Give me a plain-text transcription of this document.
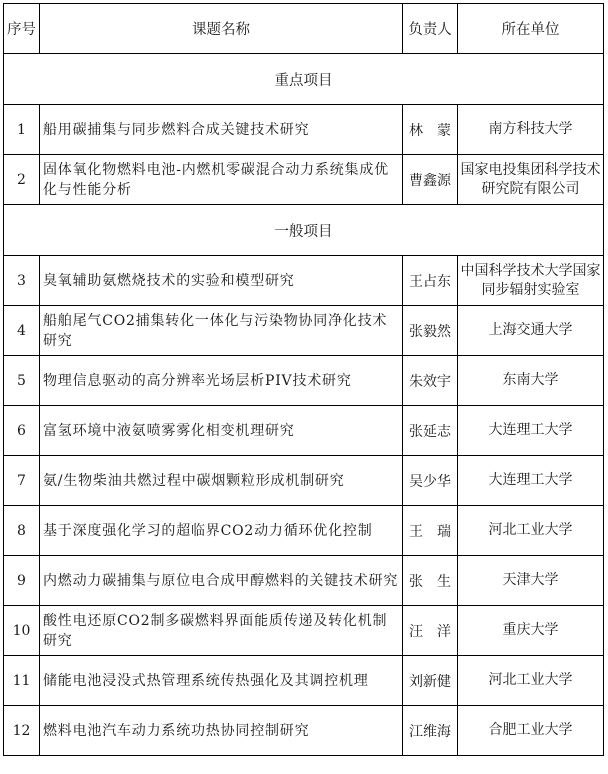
序号	课题名称	负责人	所在单位
重点项目			
1	船用碳捕集与同步燃料合成关键技术研究	林　蒙	南方科技大学
2	固体氧化物燃料电池-内燃机零碳混合动力系统集成优化与性能分析	曹鑫源	国家电投集团科学技术研究院有限公司
一般项目			
3	臭氧辅助氨燃烧技术的实验和模型研究	王占东	中国科学技术大学国家同步辐射实验室
4	船舶尾气CO2捕集转化一体化与污染物协同净化技术研究	张毅然	上海交通大学
5	物理信息驱动的高分辨率光场层析PIV技术研究	朱效宇	东南大学
6	富氢环境中液氨喷雾雾化相变机理研究	张延志	大连理工大学
7	氨/生物柴油共燃过程中碳烟颗粒形成机制研究	吴少华	大连理工大学
8	基于深度强化学习的超临界CO2动力循环优化控制	王　瑞	河北工业大学
9	内燃动力碳捕集与原位电合成甲醇燃料的关键技术研究	张　生	天津大学
10	酸性电还原CO2制多碳燃料界面能质传递及转化机制研究	汪　洋	重庆大学
11	储能电池浸没式热管理系统传热强化及其调控机理	刘新健	河北工业大学
12	燃料电池汽车动力系统功热协同控制研究	江维海	合肥工业大学
